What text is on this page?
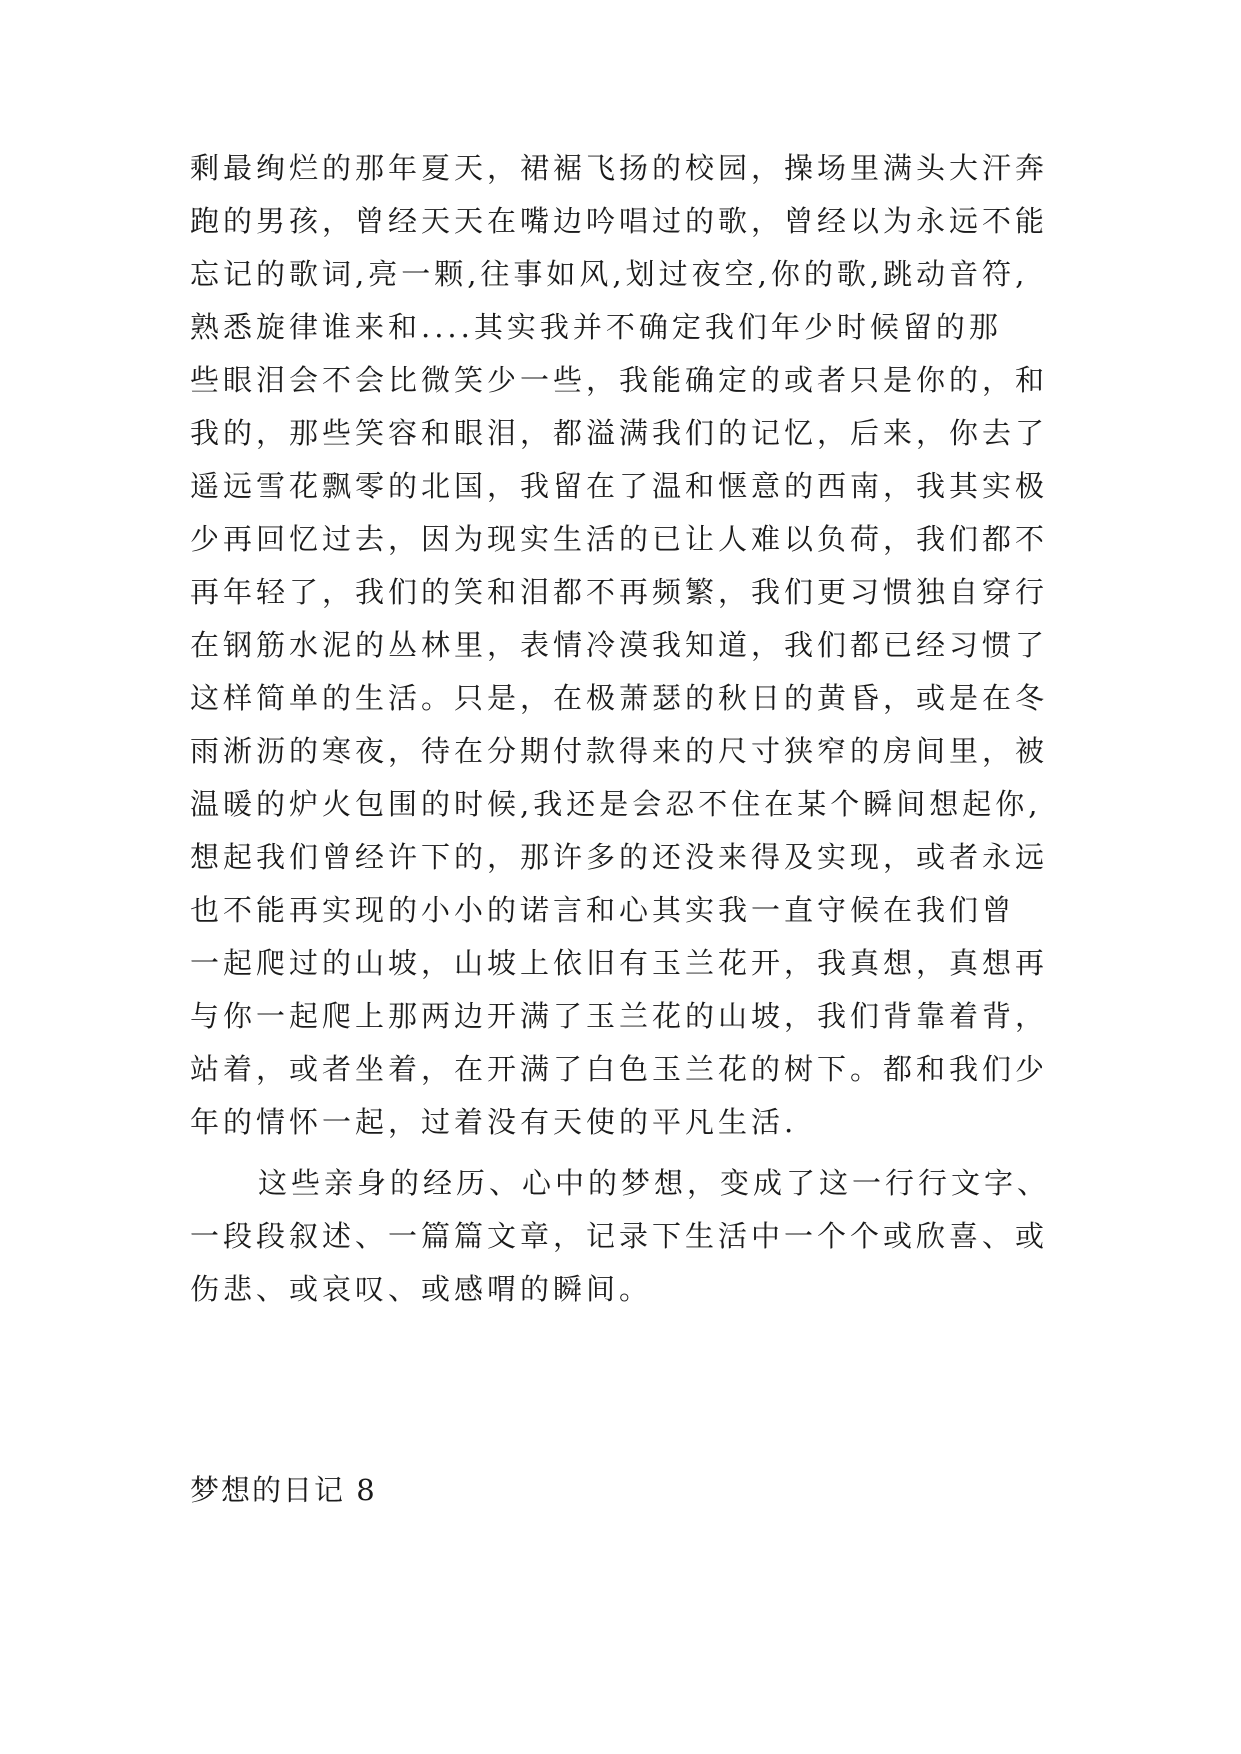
剩最绚烂的那年夏天，裙裾飞扬的校园，操场里满头大汗奔
跑的男孩，曾经天天在嘴边吟唱过的歌，曾经以为永远不能
忘记的歌词,亮一颗,往事如风,划过夜空,你的歌,跳动音符,
熟悉旋律谁来和....其实我并不确定我们年少时候留的那
些眼泪会不会比微笑少一些，我能确定的或者只是你的，和
我的，那些笑容和眼泪，都溢满我们的记忆，后来，你去了
遥远雪花飘零的北国，我留在了温和惬意的西南，我其实极
少再回忆过去，因为现实生活的已让人难以负荷，我们都不
再年轻了，我们的笑和泪都不再频繁，我们更习惯独自穿行
在钢筋水泥的丛林里，表情冷漠我知道，我们都已经习惯了
这样简单的生活。只是，在极萧瑟的秋日的黄昏，或是在冬
雨淅沥的寒夜，待在分期付款得来的尺寸狭窄的房间里，被
温暖的炉火包围的时候,我还是会忍不住在某个瞬间想起你,
想起我们曾经许下的，那许多的还没来得及实现，或者永远
也不能再实现的小小的诺言和心其实我一直守候在我们曾
一起爬过的山坡，山坡上依旧有玉兰花开，我真想，真想再
与你一起爬上那两边开满了玉兰花的山坡，我们背靠着背，
站着，或者坐着，在开满了白色玉兰花的树下。都和我们少
年的情怀一起，过着没有天使的平凡生活.
这些亲身的经历、心中的梦想，变成了这一行行文字、
一段段叙述、一篇篇文章，记录下生活中一个个或欣喜、或
伤悲、或哀叹、或感喟的瞬间。
梦想的日记 8
